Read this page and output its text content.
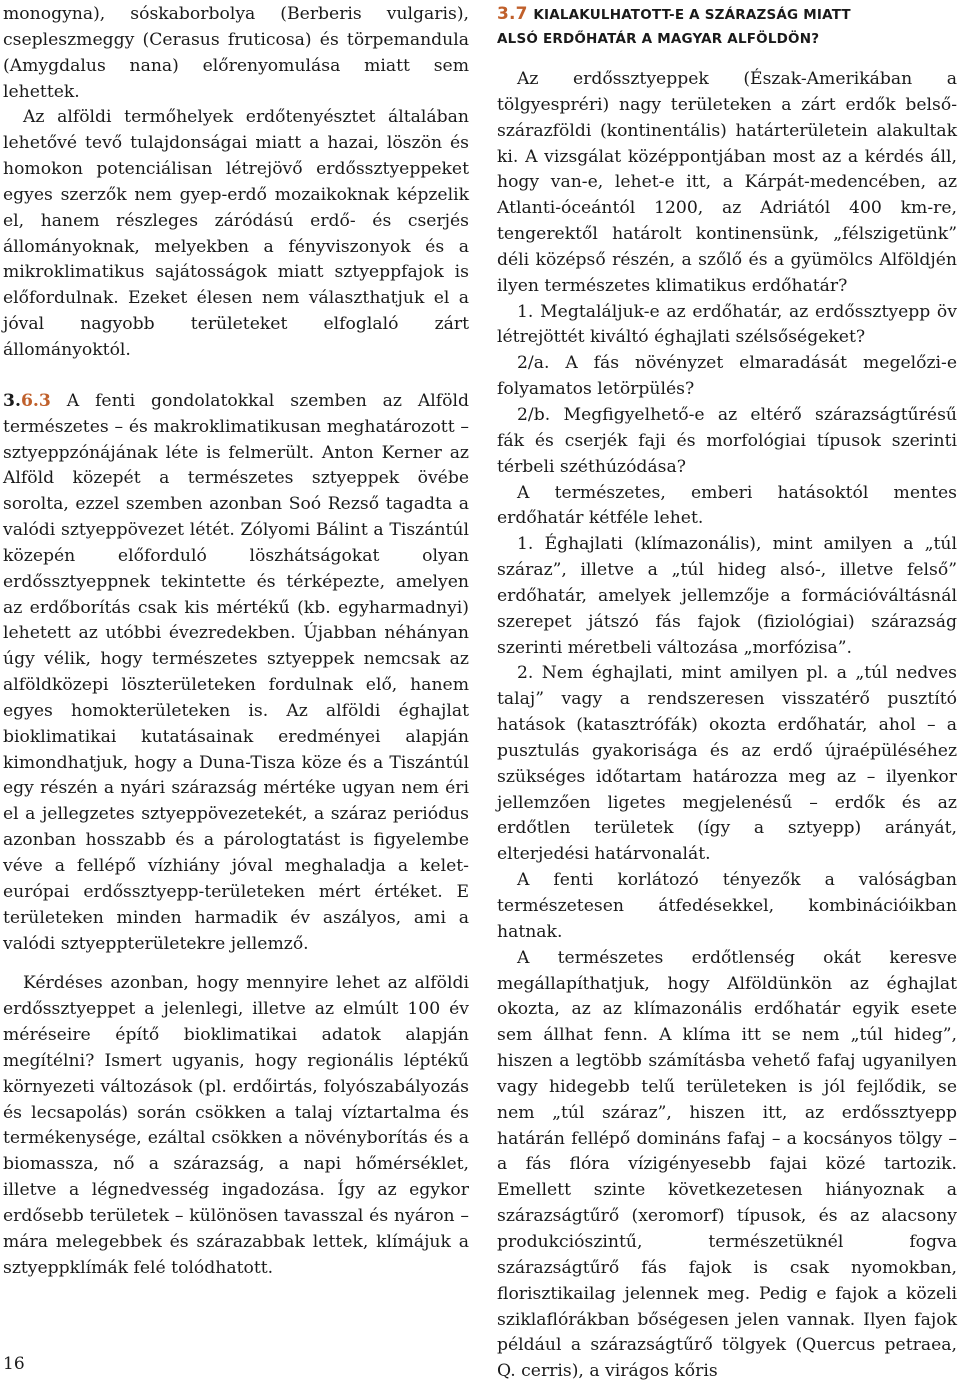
monogyna), sóskaborbolya (Berberis vulgaris), csepleszmeggy (Cerasus fruticosa) és törpemandula (Amygdalus nana) előrenyomulása miatt sem lehettek.

Az alföldi termőhelyek erdőtenyésztet általában lehetővé tevő tulajdonságai miatt a hazai, löszön és homokon potenciálisan létrejövő erdőssztyeppeket egyes szerzők nem gyep-erdő mozaikoknak képzelik el, hanem részleges záródású erdő- és cserjés állományoknak, melyekben a fényviszonyok és a mikroklimatikus sajátosságok miatt sztyeppfajok is előfordulnak. Ezeket élesen nem választhatjuk el a jóval nagyobb területeket elfoglaló zárt állományoktól.

3.6.3 A fenti gondolatokkal szemben az Alföld természetes – és makroklimatikusan meghatározott – sztyeppzónájának léte is felmerült. Anton Kerner az Alföld közepét a természetes sztyeppek övébe sorolta, ezzel szemben azonban Soó Rezső tagadta a valódi sztyeppövezet létét. Zólyomi Bálint a Tiszántúl közepén előforduló löszhátságokat olyan erdőssztyeppnek tekintette és térképezte, amelyen az erdőborítás csak kis mértékű (kb. egyharmadnyi) lehetett az utóbbi évezredekben. Újabban néhányan úgy vélik, hogy természetes sztyeppek nemcsak az alföldközepi löszterületeken fordulnak elő, hanem egyes homokterületeken is. Az alföldi éghajlat bioklimatikai kutatásainak eredményei alapján kimondhatjuk, hogy a Duna-Tisza köze és a Tiszántúl egy részén a nyári szárazság mértéke ugyan nem éri el a jellegzetes sztyeppövezetekét, a száraz periódus azonban hosszabb és a párologtatást is figyelembe véve a fellépő vízhiány jóval meghaladja a kelet-európai erdőssztyepp-területeken mért értéket. E területeken minden harmadik év aszályos, ami a valódi sztyeppterületekre jellemző.

Kérdéses azonban, hogy mennyire lehet az alföldi erdőssztyeppet a jelenlegi, illetve az elmúlt 100 év méréseire építő bioklimatikai adatok alapján megítélni? Ismert ugyanis, hogy regionális léptékű környezeti változások (pl. erdőirtás, folyószabályozás és lecsapolás) során csökken a talaj víztartalma és termékenysége, ezáltal csökken a növényborítás és a biomassza, nő a szárazság, a napi hőmérséklet, illetve a légnedvesség ingadozása. Így az egykor erdősebb területek – különösen tavasszal és nyáron – mára melegebbek és szárazabbak lettek, klímájuk a sztyeppklímák felé tolódhatott.

3.7 KIALAKULHATOTT-E A SZÁRAZSÁG MIATT
ALSÓ ERDŐHATÁR A MAGYAR ALFÖLDÖN?

Az erdőssztyeppek (Észak-Amerikában a tölgyespréri) nagy területeken a zárt erdők belső-szárazföldi (kontinentális) határterületein alakultak ki. A vizsgálat középpontjában most az a kérdés áll, hogy van-e, lehet-e itt, a Kárpát-medencében, az Atlanti-óceántól 1200, az Adriától 400 km-re, tengerektől határolt kontinensünk, „félszigetünk” déli középső részén, a szőlő és a gyümölcs Alföldjén ilyen természetes klimatikus erdőhatár?

1. Megtaláljuk-e az erdőhatár, az erdőssztyepp öv létrejöttét kiváltó éghajlati szélsőségeket?

2/a. A fás növényzet elmaradását megelőzi-e folyamatos letörpülés?

2/b. Megfigyelhető-e az eltérő szárazságtűrésű fák és cserjék faji és morfológiai típusok szerinti térbeli széthúzódása?

A természetes, emberi hatásoktól mentes erdőhatár kétféle lehet.

1. Éghajlati (klímazonális), mint amilyen a „túl száraz”, illetve a „túl hideg alsó-, illetve felső” erdőhatár, amelyek jellemzője a formációváltásnál szerepet játszó fás fajok (fiziológiai) szárazság szerinti méretbeli változása „morfózisa”.

2. Nem éghajlati, mint amilyen pl. a „túl nedves talaj” vagy a rendszeresen visszatérő pusztító hatások (katasztrófák) okozta erdőhatár, ahol – a pusztulás gyakorisága és az erdő újraépüléséhez szükséges időtartam határozza meg az – ilyenkor jellemzően ligetes megjelenésű – erdők és az erdőtlen területek (így a sztyepp) arányát, elterjedési határvonalát.

A fenti korlátozó tényezők a valóságban természetesen átfedésekkel, kombinációikban hatnak.

A természetes erdőtlenség okát keresve megállapíthatjuk, hogy Alföldünkön az éghajlat okozta, az az klímazonális erdőhatár egyik esete sem állhat fenn. A klíma itt se nem „túl hideg”, hiszen a legtöbb számításba vehető fafaj ugyanilyen vagy hidegebb telű területeken is jól fejlődik, se nem „túl száraz”, hiszen itt, az erdőssztyepp határán fellépő domináns fafaj – a kocsányos tölgy – a fás flóra vízigényesebb fajai közé tartozik. Emellett szinte következetesen hiányoznak a szárazságtűrő (xeromorf) típusok, és az alacsony produkciószintű, természetüknél fogva szárazságtűrő fás fajok is csak nyomokban, florisztikailag jelennek meg. Pedig e fajok a közeli sziklaflórákban bőségesen jelen vannak. Ilyen fajok például a szárazságtűrő tölgyek (Quercus petraea, Q. cerris), a virágos kőris

16
